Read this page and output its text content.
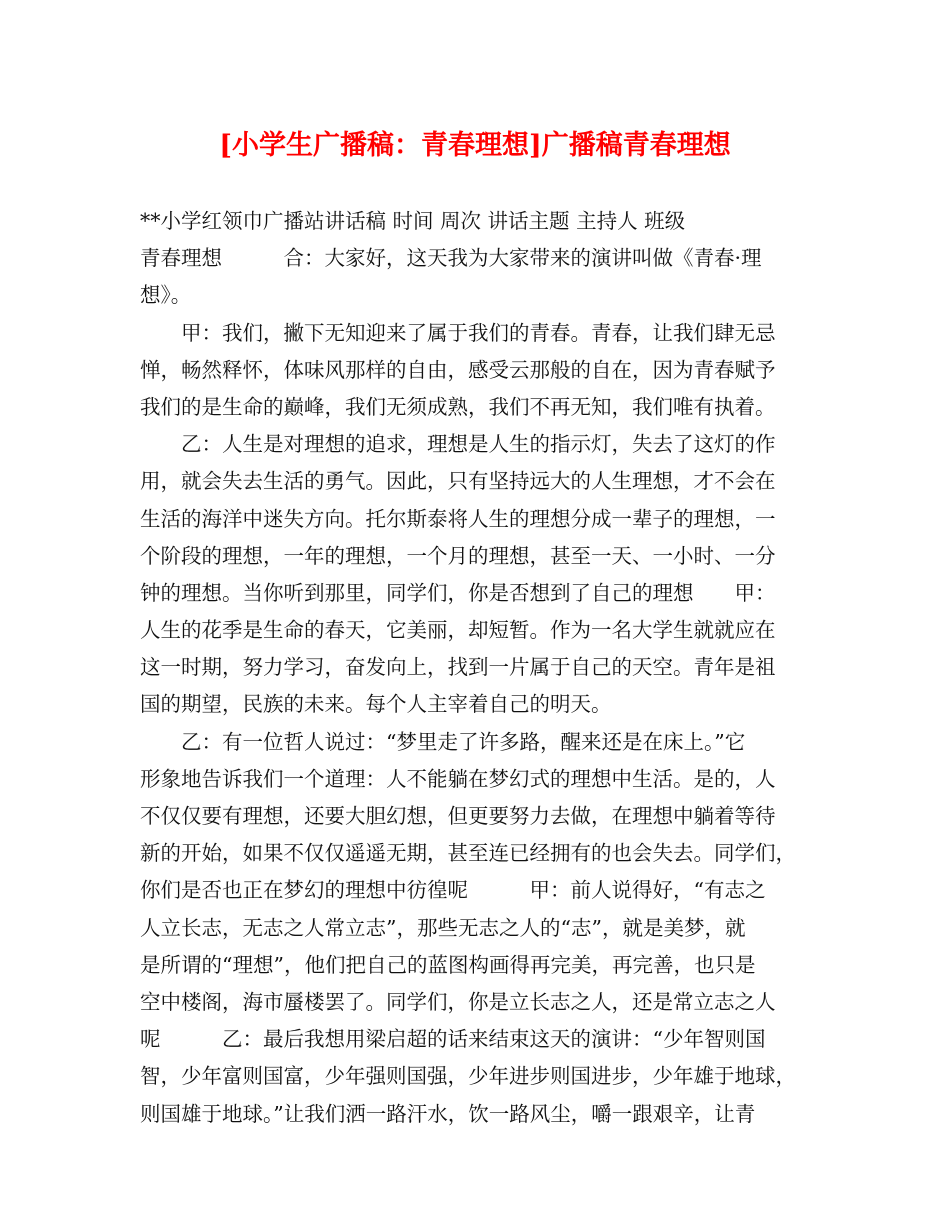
[小学生广播稿：青春理想]广播稿青春理想
**小学红领巾广播站讲话稿 时间 周次 讲话主题 主持人 班级
青春理想　　　合：大家好，这天我为大家带来的演讲叫做《青春·理
想》。
　　甲：我们，撇下无知迎来了属于我们的青春。青春，让我们肆无忌
惮，畅然释怀，体味风那样的自由，感受云那般的自在，因为青春赋予
我们的是生命的巅峰，我们无须成熟，我们不再无知，我们唯有执着。
　　乙：人生是对理想的追求，理想是人生的指示灯，失去了这灯的作
用，就会失去生活的勇气。因此，只有坚持远大的人生理想，才不会在
生活的海洋中迷失方向。托尔斯泰将人生的理想分成一辈子的理想，一
个阶段的理想，一年的理想，一个月的理想，甚至一天、一小时、一分
钟的理想。当你听到那里，同学们，你是否想到了自己的理想　　甲：
人生的花季是生命的春天，它美丽，却短暂。作为一名大学生就就应在
这一时期，努力学习，奋发向上，找到一片属于自己的天空。青年是祖
国的期望，民族的未来。每个人主宰着自己的明天。
　　乙：有一位哲人说过：“梦里走了许多路，醒来还是在床上。”它
形象地告诉我们一个道理：人不能躺在梦幻式的理想中生活。是的，人
不仅仅要有理想，还要大胆幻想，但更要努力去做，在理想中躺着等待
新的开始，如果不仅仅遥遥无期，甚至连已经拥有的也会失去。同学们，
你们是否也正在梦幻的理想中彷徨呢　　　甲：前人说得好，“有志之
人立长志，无志之人常立志”，那些无志之人的“志”，就是美梦，就
是所谓的“理想”，他们把自己的蓝图构画得再完美，再完善，也只是
空中楼阁，海市蜃楼罢了。同学们，你是立长志之人，还是常立志之人
呢　　　乙：最后我想用梁启超的话来结束这天的演讲：“少年智则国
智，少年富则国富，少年强则国强，少年进步则国进步，少年雄于地球，
则国雄于地球。”让我们洒一路汗水，饮一路风尘，嚼一跟艰辛，让青
